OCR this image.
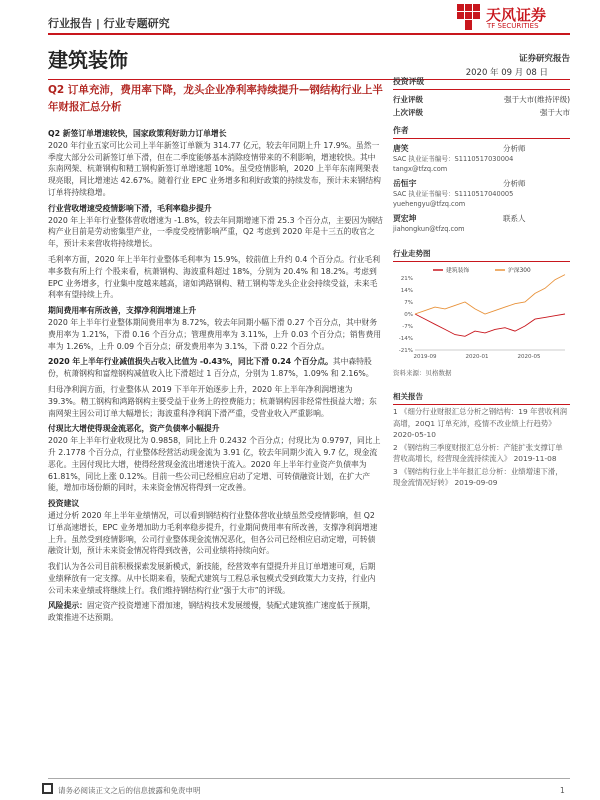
行业报告 | 行业专题研究	天风证券
TF SECURITIES
建筑装饰	证券研究报告
2020 年 09 月 08 日
Q2 订单充沛，费用率下降，龙头企业净利率持续提升—钢结构行业上半年财报汇总分析

Q2 新签订单增速较快，国家政策利好助力订单增长
2020 年行业五家可比公司上半年新签订单额为 314.77 亿元，较去年同期上升 17.9%。虽然一季度大部分公司新签订单下滑，但在二季度能够基本消除疫情带来的不利影响，增速较快。其中东南网架、杭萧钢构和精工钢构新签订单增速超 10%。虽受疫情影响，2020 上半年东南网架表现亮眼，同比增速达 42.67%。随着行业 EPC 业务增多和利好政策的持续发布，预计未来钢结构订单将持续稳增。

行业营收增速受疫情影响下滑，毛利率稳步提升
2020 年上半年行业整体营收增速为 -1.8%，较去年同期增速下滑 25.3 个百分点，主要因为钢结构产业目前是劳动密集型产业，一季度受疫情影响严重，Q2 考虑到 2020 年是十三五的收官之年，预计未来营收将持续增长。

毛利率方面，2020 年上半年行业整体毛利率为 15.9%，较前值上升约 0.4 个百分点。行业毛利率多数有所上行 个股来看，杭萧钢构、海波重科超过 18%，分别为 20.4% 和 18.2%。考虑到 EPC 业务增多，行业集中度越来越高，诸如鸿路钢构、精工钢构等龙头企业会持续受益，未来毛利率有望持续上升。

期间费用率有所改善，支撑净利润增速上升
2020 年上半年行业整体期间费用率为 8.72%，较去年同期小幅下滑 0.27 个百分点，其中财务费用率为 1.21%，下滑 0.16 个百分点；管理费用率为 3.11%，上升 0.03 个百分点；销售费用率为 1.26%，上升 0.09 个百分点；研发费用率为 3.1%，下滑 0.22 个百分点。

2020 年上半年行业减值损失占收入比值为 -0.43%，同比下滑 0.24 个百分点。其中森特股份，杭萧钢构和富煌钢构减值收入比下滑超过 1 百分点，分别为 1.87%，1.09% 和 2.16%。

归母净利润方面，行业整体从 2019 下半年开始逐步上升，2020 年上半年净利润增速为 39.3%。精工钢构和鸿路钢构主要受益于业务上的控费能力；杭萧钢构因非经常性损益大增；东南网架主因公司订单大幅增长；海波重科净利润下滑严重，受营业收入严重影响。

付现比大增使得现金流恶化，资产负债率小幅提升
2020 年上半年行业收现比为 0.9858，同比上升 0.2432 个百分点；付现比为 0.9797，同比上升 2.1778 个百分点，行业整体经营活动现金流为 3.91 亿，较去年同期少流入 9.7 亿，现金流恶化。主因付现比大增，使得经营现金流出增速快于流入。2020 年上半年行业资产负债率为 61.81%，同比上涨 0.12%。目前一些公司已经相应启动了定增、可转债融资计划，在扩大产能，增加市场份额的同时，未来资金情况将得到一定改善。

投资建议
通过分析 2020 年上半年业绩情况，可以看到钢结构行业整体营收业绩虽然受疫情影响，但 Q2 订单高速增长，EPC 业务增加助力毛利率稳步提升，行业期间费用率有所改善，支撑净利润增速上升。虽然受到疫情影响，公司行业整体现金流情况恶化，但各公司已经相应启动定增，可转债融资计划，预计未来资金情况将得到改善，公司业绩将持续向好。

我们认为各公司目前积极探索发展新模式，新技能，经营效率有望提升并且订单增速可观，后期业绩释放有一定支撑。从中长期来看，装配式建筑与工程总承包模式受到政策大力支持，行业内公司未来业绩或将继续上行。我们维持钢结构行业“强于大市”的评级。

风险提示：固定资产投资增速下滑加速，钢结构技术发展缓慢，装配式建筑推广速度低于预期，政策推进不达预期。

投资评级
行业评级	强于大市(维持评级)
上次评级	强于大市
作者
唐笑	分析师
SAC 执业证书编号：S1110517030004
tangx@tfzq.com
岳恒宇	分析师
SAC 执业证书编号：S1110517040005
yuehengyu@tfzq.com
贾宏坤	联系人
jiahongkun@tfzq.com
行业走势图
21%
14%
7%
0%
-7%
-14%
-21%
2019-09	2020-01	2020-05
建筑装饰	沪深300
资料来源：贝格数据
相关报告
1 《细分行业财报汇总分析之钢结构：19 年营收利润高增，20Q1 订单充沛，疫情不改业绩上行趋势》 2020-05-10
2 《钢结构三季度财报汇总分析：产能扩张支撑订单营收高增长，经营现金流持续流入》 2019-11-08
3 《钢结构行业上半年报汇总分析：业绩增速下滑，现金流情况好转》 2019-09-09
请务必阅读正文之后的信息披露和免责申明	1
